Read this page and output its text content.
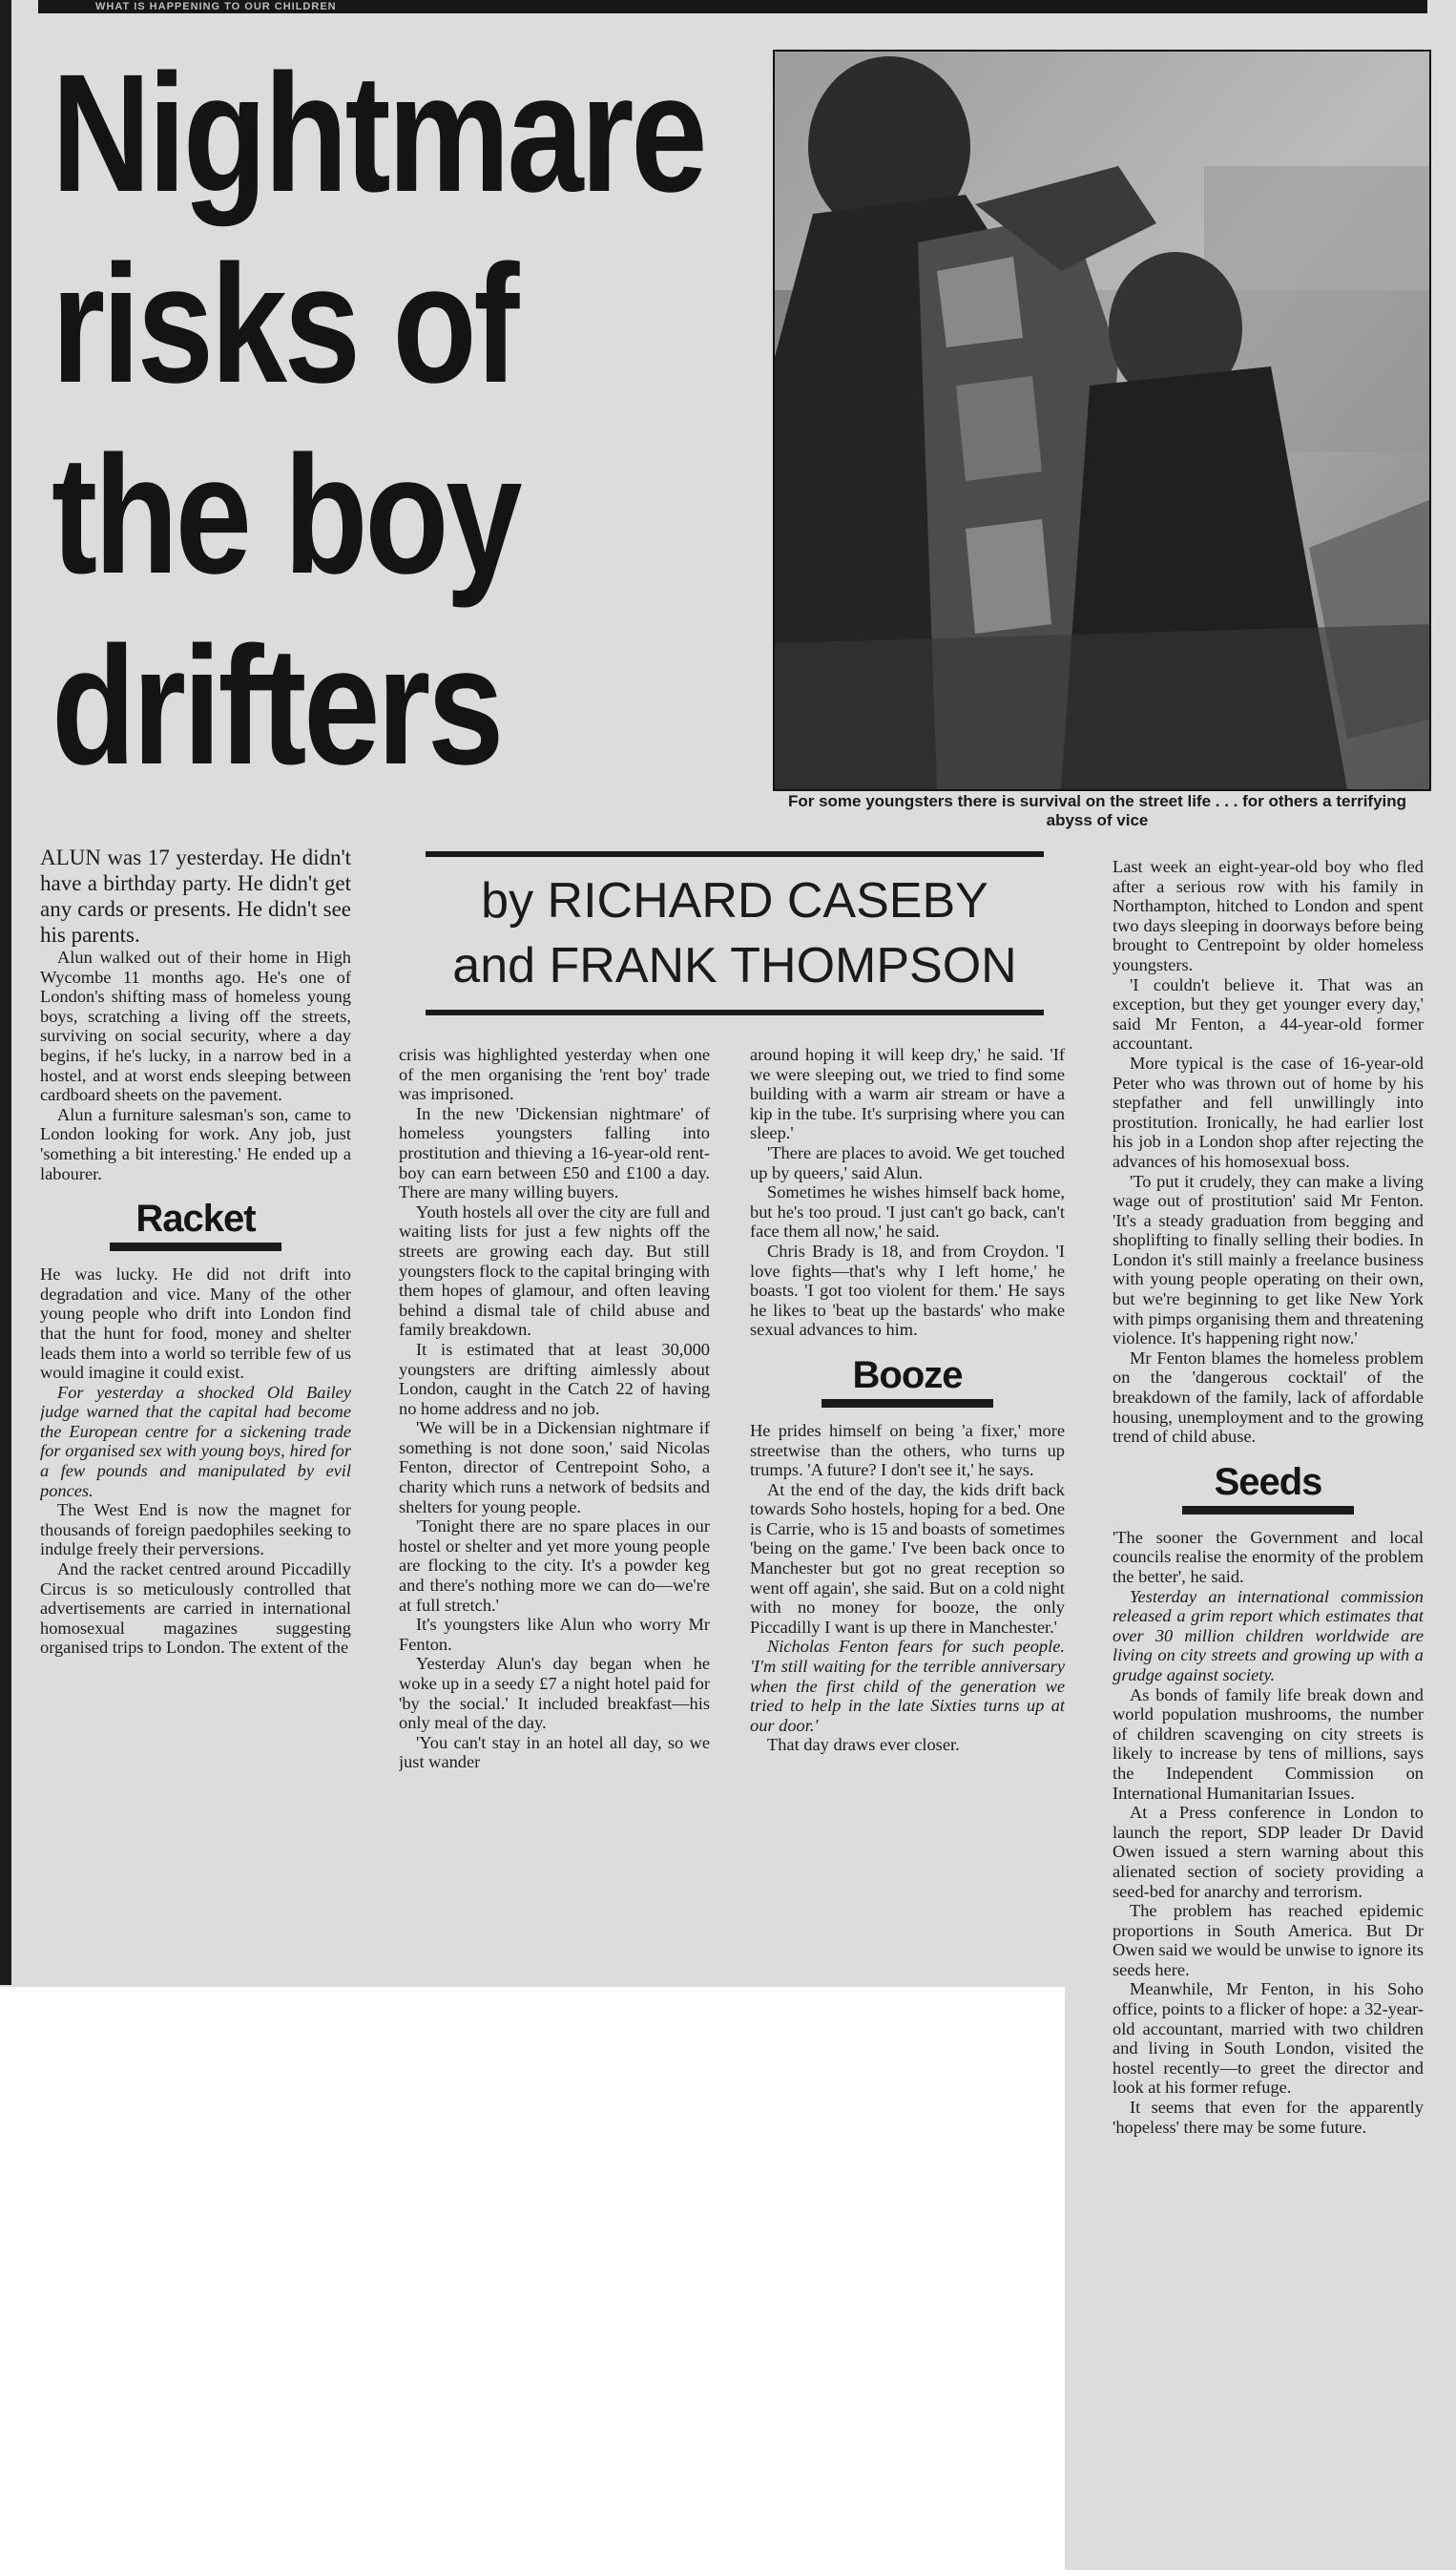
WHAT IS HAPPENING TO OUR CHILDREN
Nightmare
risks of
the boy
drifters
For some youngsters there is survival on the street life . . . for others a terrifying abyss of vice
by RICHARD CASEBY
and FRANK THOMPSON

ALUN was 17 yesterday. He didn't have a birthday party. He didn't get any cards or presents. He didn't see his parents.

Alun walked out of their home in High Wycombe 11 months ago. He's one of London's shifting mass of homeless young boys, scratching a living off the streets, surviving on social security, where a day begins, if he's lucky, in a narrow bed in a hostel, and at worst ends sleeping between cardboard sheets on the pavement.

Alun a furniture salesman's son, came to London looking for work. Any job, just 'something a bit interesting.' He ended up a labourer.

Racket

He was lucky. He did not drift into degradation and vice. Many of the other young people who drift into London find that the hunt for food, money and shelter leads them into a world so terrible few of us would imagine it could exist.

For yesterday a shocked Old Bailey judge warned that the capital had become the European centre for a sickening trade for organised sex with young boys, hired for a few pounds and manipulated by evil ponces.

The West End is now the magnet for thousands of foreign paedophiles seeking to indulge freely their perversions.

And the racket centred around Piccadilly Circus is so meticulously controlled that advertisements are carried in international homosexual magazines suggesting organised trips to London. The extent of the

crisis was highlighted yesterday when one of the men organising the 'rent boy' trade was imprisoned.

In the new 'Dickensian nightmare' of homeless youngsters falling into prostitution and thieving a 16-year-old rent-boy can earn between £50 and £100 a day. There are many willing buyers.

Youth hostels all over the city are full and waiting lists for just a few nights off the streets are growing each day. But still youngsters flock to the capital bringing with them hopes of glamour, and often leaving behind a dismal tale of child abuse and family breakdown.

It is estimated that at least 30,000 youngsters are drifting aimlessly about London, caught in the Catch 22 of having no home address and no job.

'We will be in a Dickensian nightmare if something is not done soon,' said Nicolas Fenton, director of Centrepoint Soho, a charity which runs a network of bedsits and shelters for young people.

'Tonight there are no spare places in our hostel or shelter and yet more young people are flocking to the city. It's a powder keg and there's nothing more we can do—we're at full stretch.'

It's youngsters like Alun who worry Mr Fenton.

Yesterday Alun's day began when he woke up in a seedy £7 a night hotel paid for 'by the social.' It included breakfast—his only meal of the day.

'You can't stay in an hotel all day, so we just wander

around hoping it will keep dry,' he said. 'If we were sleeping out, we tried to find some building with a warm air stream or have a kip in the tube. It's surprising where you can sleep.'

'There are places to avoid. We get touched up by queers,' said Alun.

Sometimes he wishes himself back home, but he's too proud. 'I just can't go back, can't face them all now,' he said.

Chris Brady is 18, and from Croydon. 'I love fights—that's why I left home,' he boasts. 'I got too violent for them.' He says he likes to 'beat up the bastards' who make sexual advances to him.

Booze

He prides himself on being 'a fixer,' more streetwise than the others, who turns up trumps. 'A future? I don't see it,' he says.

At the end of the day, the kids drift back towards Soho hostels, hoping for a bed. One is Carrie, who is 15 and boasts of sometimes 'being on the game.' I've been back once to Manchester but got no great reception so went off again', she said. But on a cold night with no money for booze, the only Piccadilly I want is up there in Manchester.'

Nicholas Fenton fears for such people. 'I'm still waiting for the terrible anniversary when the first child of the generation we tried to help in the late Sixties turns up at our door.'

That day draws ever closer.

Last week an eight-year-old boy who fled after a serious row with his family in Northampton, hitched to London and spent two days sleeping in doorways before being brought to Centrepoint by older homeless youngsters.

'I couldn't believe it. That was an exception, but they get younger every day,' said Mr Fenton, a 44-year-old former accountant.

More typical is the case of 16-year-old Peter who was thrown out of home by his stepfather and fell unwillingly into prostitution. Ironically, he had earlier lost his job in a London shop after rejecting the advances of his homosexual boss.

'To put it crudely, they can make a living wage out of prostitution' said Mr Fenton. 'It's a steady graduation from begging and shoplifting to finally selling their bodies. In London it's still mainly a freelance business with young people operating on their own, but we're beginning to get like New York with pimps organising them and threatening violence. It's happening right now.'

Mr Fenton blames the homeless problem on the 'dangerous cocktail' of the breakdown of the family, lack of affordable housing, unemployment and to the growing trend of child abuse.

Seeds

'The sooner the Government and local councils realise the enormity of the problem the better', he said.

Yesterday an international commission released a grim report which estimates that over 30 million children worldwide are living on city streets and growing up with a grudge against society.

As bonds of family life break down and world population mushrooms, the number of children scavenging on city streets is likely to increase by tens of millions, says the Independent Commission on International Humanitarian Issues.

At a Press conference in London to launch the report, SDP leader Dr David Owen issued a stern warning about this alienated section of society providing a seed-bed for anarchy and terrorism.

The problem has reached epidemic proportions in South America. But Dr Owen said we would be unwise to ignore its seeds here.

Meanwhile, Mr Fenton, in his Soho office, points to a flicker of hope: a 32-year-old accountant, married with two children and living in South London, visited the hostel recently—to greet the director and look at his former refuge.

It seems that even for the apparently 'hopeless' there may be some future.
